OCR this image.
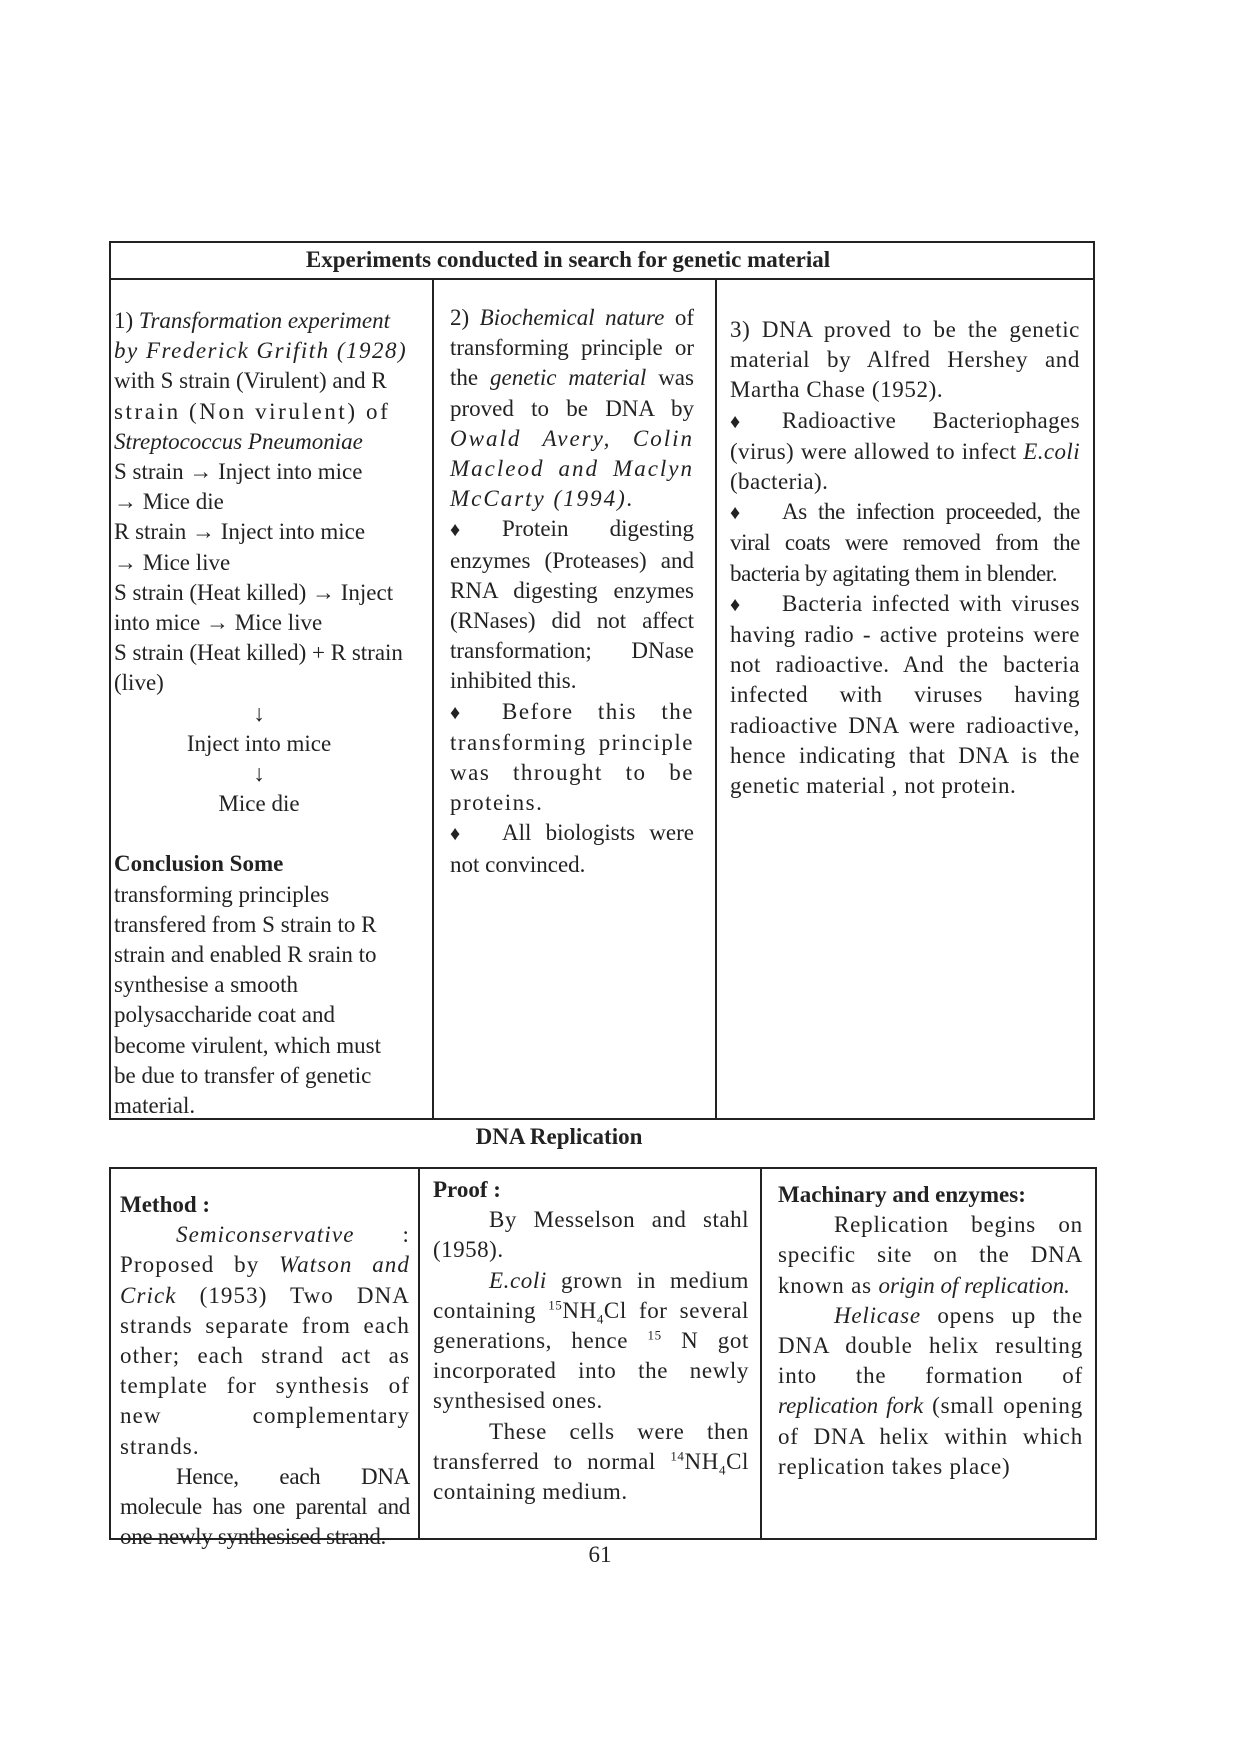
Experiments conducted in search for genetic material

1) Transformation experiment
by Frederick Grifith (1928)
with S strain (Virulent) and R
strain (Non virulent) of
Streptococcus Pneumoniae

S strain → Inject into mice
→ Mice die

R strain → Inject into mice
→ Mice live

S strain (Heat killed) → Inject
into mice → Mice live

S strain (Heat killed) + R strain
(live)

↓

Inject into mice

↓

Mice die

Conclusion Some

transforming principles
transfered from S strain to R
strain and enabled R srain to
synthesise a smooth
polysaccharide coat and
become virulent, which must
be due to transfer of genetic
material.

2) Biochemical nature of transforming principle or the genetic material was proved to be DNA by Owald Avery, Colin Macleod and Maclyn McCarty (1994).

♦ Protein digesting enzymes (Proteases) and RNA digesting enzymes (RNases) did not affect transformation; DNase inhibited this.

♦ Before this the transforming principle was throught to be proteins.

♦ All biologists were not convinced.

3) DNA proved to be the genetic material by Alfred Hershey and Martha Chase (1952).

♦ Radioactive Bacteriophages (virus) were allowed to infect E.coli (bacteria).

♦ As the infection proceeded, the viral coats were removed from the bacteria by agitating them in blender.

♦ Bacteria infected with viruses having radio - active proteins were not radioactive. And the bacteria infected with viruses having radioactive DNA were radioactive, hence indicating that DNA is the genetic material , not protein.

DNA Replication

Method :

Semiconservative : Proposed by Watson and Crick (1953) Two DNA strands separate from each other; each strand act as template for synthesis of new complementary strands.

Hence, each DNA molecule has one parental and one newly synthesised strand.

Proof :

By Messelson and stahl (1958).

E.coli grown in medium containing $^{15}NH_4Cl$ for several generations, hence $^{15}$ N got incorporated into the newly synthesised ones.

These cells were then transferred to normal $^{14}NH_4Cl$ containing medium.

Machinary and enzymes:

Replication begins on specific site on the DNA known as origin of replication.

Helicase opens up the DNA double helix resulting into the formation of replication fork (small opening of DNA helix within which replication takes place)

61
